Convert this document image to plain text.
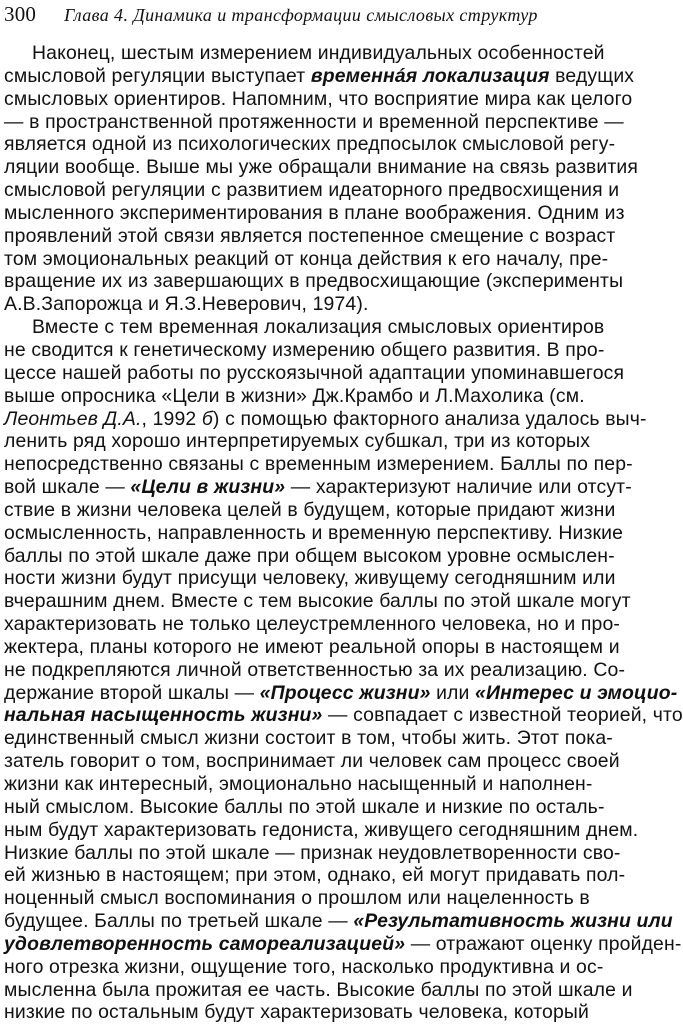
300 Глава 4. Динамика и трансформации смысловых структур
Наконец, шестым измерением индивидуальных особенностей
смысловой регуляции выступает временнáя локализация ведущих
смысловых ориентиров. Напомним, что восприятие мира как целого
— в пространственной протяженности и временной перспективе —
является одной из психологических предпосылок смысловой регу-
ляции вообще. Выше мы уже обращали внимание на связь развития
смысловой регуляции с развитием идеаторного предвосхищения и
мысленного экспериментирования в плане воображения. Одним из
проявлений этой связи является постепенное смещение с возраст
том эмоциональных реакций от конца действия к его началу, пре-
вращение их из завершающих в предвосхищающие (эксперименты
А.В.Запорожца и Я.З.Неверович, 1974).
Вместе с тем временная локализация смысловых ориентиров
не сводится к генетическому измерению общего развития. В про-
цессе нашей работы по русскоязычной адаптации упоминавшегося
выше опросника «Цели в жизни» Дж.Крамбо и Л.Махолика (см.
Леонтьев Д.А., 1992 б) с помощью факторного анализа удалось выч-
ленить ряд хорошо интерпретируемых субшкал, три из которых
непосредственно связаны с временным измерением. Баллы по пер-
вой шкале — «Цели в жизни» — характеризуют наличие или отсут-
ствие в жизни человека целей в будущем, которые придают жизни
осмысленность, направленность и временную перспективу. Низкие
баллы по этой шкале даже при общем высоком уровне осмыслен-
ности жизни будут присущи человеку, живущему сегодняшним или
вчерашним днем. Вместе с тем высокие баллы по этой шкале могут
характеризовать не только целеустремленного человека, но и про-
жектера, планы которого не имеют реальной опоры в настоящем и
не подкрепляются личной ответственностью за их реализацию. Со-
держание второй шкалы — «Процесс жизни» или «Интерес и эмоцио-
нальная насыщенность жизни» — совпадает с известной теорией, что
единственный смысл жизни состоит в том, чтобы жить. Этот пока-
затель говорит о том, воспринимает ли человек сам процесс своей
жизни как интересный, эмоционально насыщенный и наполнен-
ный смыслом. Высокие баллы по этой шкале и низкие по осталь-
ным будут характеризовать гедониста, живущего сегодняшним днем.
Низкие баллы по этой шкале — признак неудовлетворенности сво-
ей жизнью в настоящем; при этом, однако, ей могут придавать пол-
ноценный смысл воспоминания о прошлом или нацеленность в
будущее. Баллы по третьей шкале — «Результативность жизни или
удовлетворенность самореализацией» — отражают оценку пройден-
ного отрезка жизни, ощущение того, насколько продуктивна и ос-
мысленна была прожитая ее часть. Высокие баллы по этой шкале и
низкие по остальным будут характеризовать человека, который
